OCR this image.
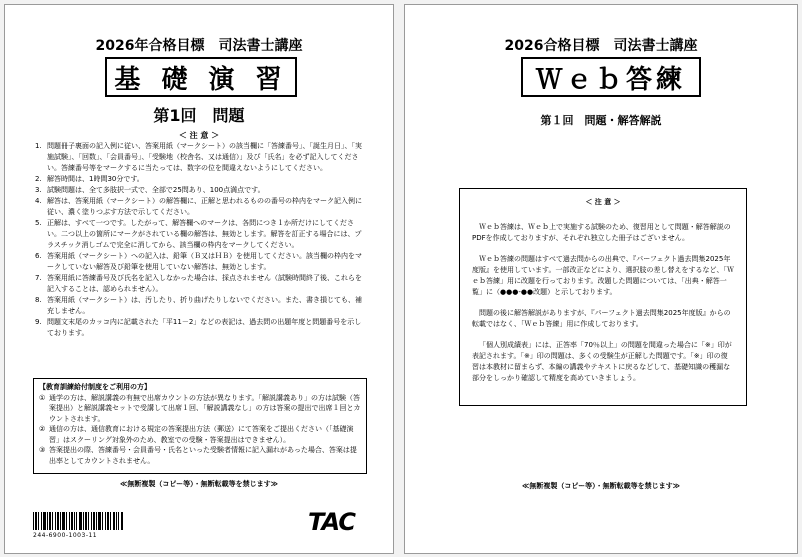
2026年合格目標　司法書士講座
基 礎 演 習
第1回　問題
＜ 注 意 ＞
1. 問題冊子裏面の記入例に従い、答案用紙（マークシート）の該当欄に「答練番号」、「誕生月日」、「実施試験」、「回数」、「会員番号」、「受験地（校舎名、又は通信）」及び「氏名」を必ず記入してください。答練番号等をマークするに当たっては、数字の位を間違えないようにしてください。
2. 解答時間は、1時間30分です。
3. 試験問題は、全て多肢択一式で、全部で25問あり、100点満点です。
4. 解答は、答案用紙（マークシート）の解答欄に、正解と思われるものの番号の枠内をマーク記入例に従い、濃く塗りつぶす方法で示してください。
5. 正解は、すべて一つです。したがって、解答欄へのマークは、各問につき１か所だけにしてください。二つ以上の箇所にマークがされている欄の解答は、無効とします。解答を訂正する場合には、プラスチック消しゴムで完全に消してから、該当欄の枠内をマークしてください。
6. 答案用紙（マークシート）への記入は、鉛筆（Ｂ又はＨＢ）を使用してください。該当欄の枠内をマークしていない解答及び鉛筆を使用していない解答は、無効とします。
7. 答案用紙に答練番号及び氏名を記入しなかった場合は、採点されません（試験時間終了後、これらを記入することは、認められません）。
8. 答案用紙（マークシート）は、汚したり、折り曲げたりしないでください。また、書き損じても、補充しません。
9. 問題文末尾のカッコ内に記載された「平11－2」などの表記は、過去問の出題年度と問題番号を示しております。
【教育訓練給付制度をご利用の方】
① 通学の方は、解説講義の有無で出席カウントの方法が異なります。「解説講義あり」の方は試験（答案提出）と解説講義セットで受講して出席１回、「解説講義なし」の方は答案の提出で出席１回とカウントされます。
② 通信の方は、通信教育における規定の答案提出方法（郵送）にて答案をご提出ください（「基礎演習」はスクーリング対象外のため、教室での受験・答案提出はできません）。
③ 答案提出の際、答練番号・会員番号・氏名といった受験者情報に記入漏れがあった場合、答案は提出率としてカウントされません。
≪無断複製（コピー等）・無断転載等を禁じます≫
244-6900-1003-11	TAC
2026合格目標　司法書士講座
Ｗｅｂ答練
第１回　問題・解答解説

＜ 注 意 ＞

Ｗｅｂ答練は、Ｗｅｂ上で実施する試験のため、復習用として問題・解答解説のPDFを作成しておりますが、それぞれ独立した冊子はございません。

Ｗｅｂ答練の問題はすべて過去問からの出典で、『パーフェクト過去問集2025年度版』を使用しています。一部改正などにより、選択肢の差し替えをするなど、「Ｗｅｂ答練」用に改題を行っております。改題した問題については、「出典・解答一覧」に（●●●-●●改題）と示しております。

問題の後に解答解説がありますが、『パーフェクト過去問集2025年度版』からの転載ではなく、「Ｗｅｂ答練」用に作成しております。

「個人別成績表」には、正答率「70％以上」の問題を間違った場合に「※」印が表記されます。「※」印の問題は、多くの受験生が正解した問題です。「※」印の復習は本教材に留まらず、本編の講義やテキストに戻るなどして、基礎知識の穫漏な部分をしっかり確認して精度を高めていきましょう。

≪無断複製（コピー等）・無断転載等を禁じます≫
